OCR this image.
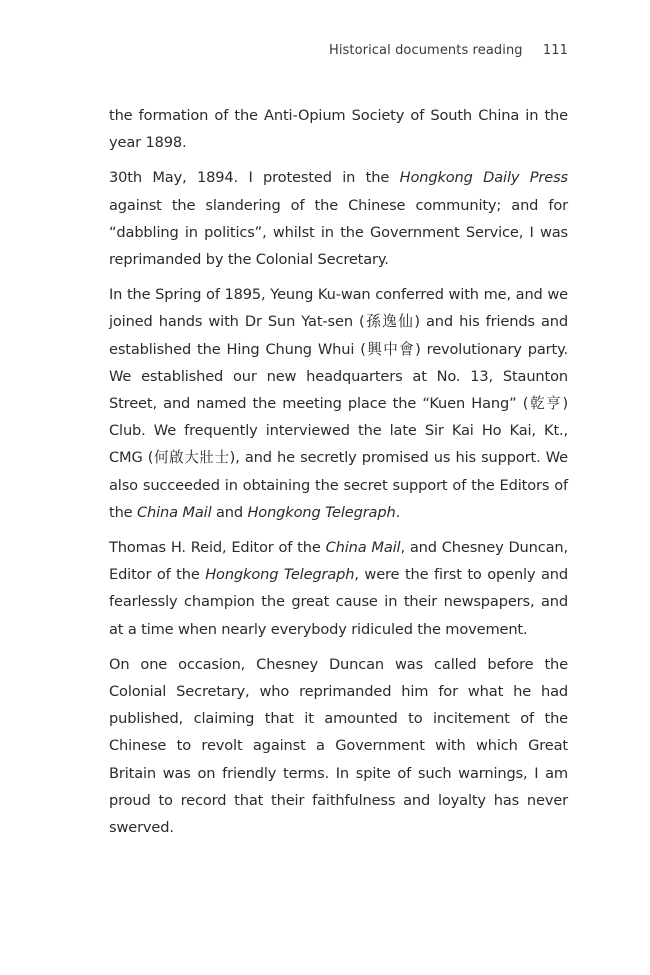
Historical documents reading 111

the formation of the Anti-Opium Society of South China in the year 1898.

30th May, 1894. I protested in the Hongkong Daily Press against the slandering of the Chinese community; and for “dabbling in politics”, whilst in the Government Service, I was reprimanded by the Colonial Secretary.

In the Spring of 1895, Yeung Ku-wan conferred with me, and we joined hands with Dr Sun Yat-sen (孫逸仙) and his friends and established the Hing Chung Whui (興中會) revolutionary party. We established our new headquarters at No. 13, Staunton Street, and named the meeting place the “Kuen Hang” (乾亨) Club. We frequently interviewed the late Sir Kai Ho Kai, Kt., CMG (何啟大壯士), and he secretly promised us his support. We also succeeded in obtaining the secret support of the Editors of the China Mail and Hongkong Telegraph.

Thomas H. Reid, Editor of the China Mail, and Chesney Duncan, Editor of the Hongkong Telegraph, were the first to openly and fearlessly champion the great cause in their newspapers, and at a time when nearly everybody ridiculed the movement.

On one occasion, Chesney Duncan was called before the Colonial Secretary, who reprimanded him for what he had published, claiming that it amounted to incitement of the Chinese to revolt against a Government with which Great Britain was on friendly terms. In spite of such warnings, I am proud to record that their faithfulness and loyalty has never swerved.
